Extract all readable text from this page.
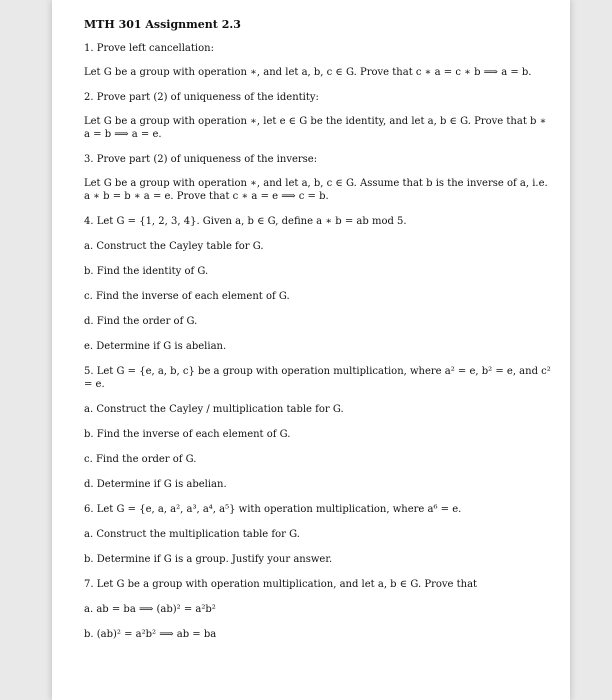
MTH 301 Assignment 2.3
1. Prove left cancellation:
Let G be a group with operation ∗, and let a, b, c ∈ G. Prove that c ∗ a = c ∗ b ⟹ a = b.
2. Prove part (2) of uniqueness of the identity:
Let G be a group with operation ∗, let e ∈ G be the identity, and let a, b ∈ G. Prove that b ∗ a = b ⟹ a = e.
3. Prove part (2) of uniqueness of the inverse:
Let G be a group with operation ∗, and let a, b, c ∈ G. Assume that b is the inverse of a, i.e. a ∗ b = b ∗ a = e. Prove that c ∗ a = e ⟹ c = b.
4. Let G = {1, 2, 3, 4}. Given a, b ∈ G, define a ∗ b = ab mod 5.
a. Construct the Cayley table for G.
b. Find the identity of G.
c. Find the inverse of each element of G.
d. Find the order of G.
e. Determine if G is abelian.
5. Let G = {e, a, b, c} be a group with operation multiplication, where a² = e, b² = e, and c² = e.
a. Construct the Cayley / multiplication table for G.
b. Find the inverse of each element of G.
c. Find the order of G.
d. Determine if G is abelian.
6. Let G = {e, a, a², a³, a⁴, a⁵} with operation multiplication, where a⁶ = e.
a. Construct the multiplication table for G.
b. Determine if G is a group. Justify your answer.
7. Let G be a group with operation multiplication, and let a, b ∈ G. Prove that
a. ab = ba ⟹ (ab)² = a²b²
b. (ab)² = a²b² ⟹ ab = ba
